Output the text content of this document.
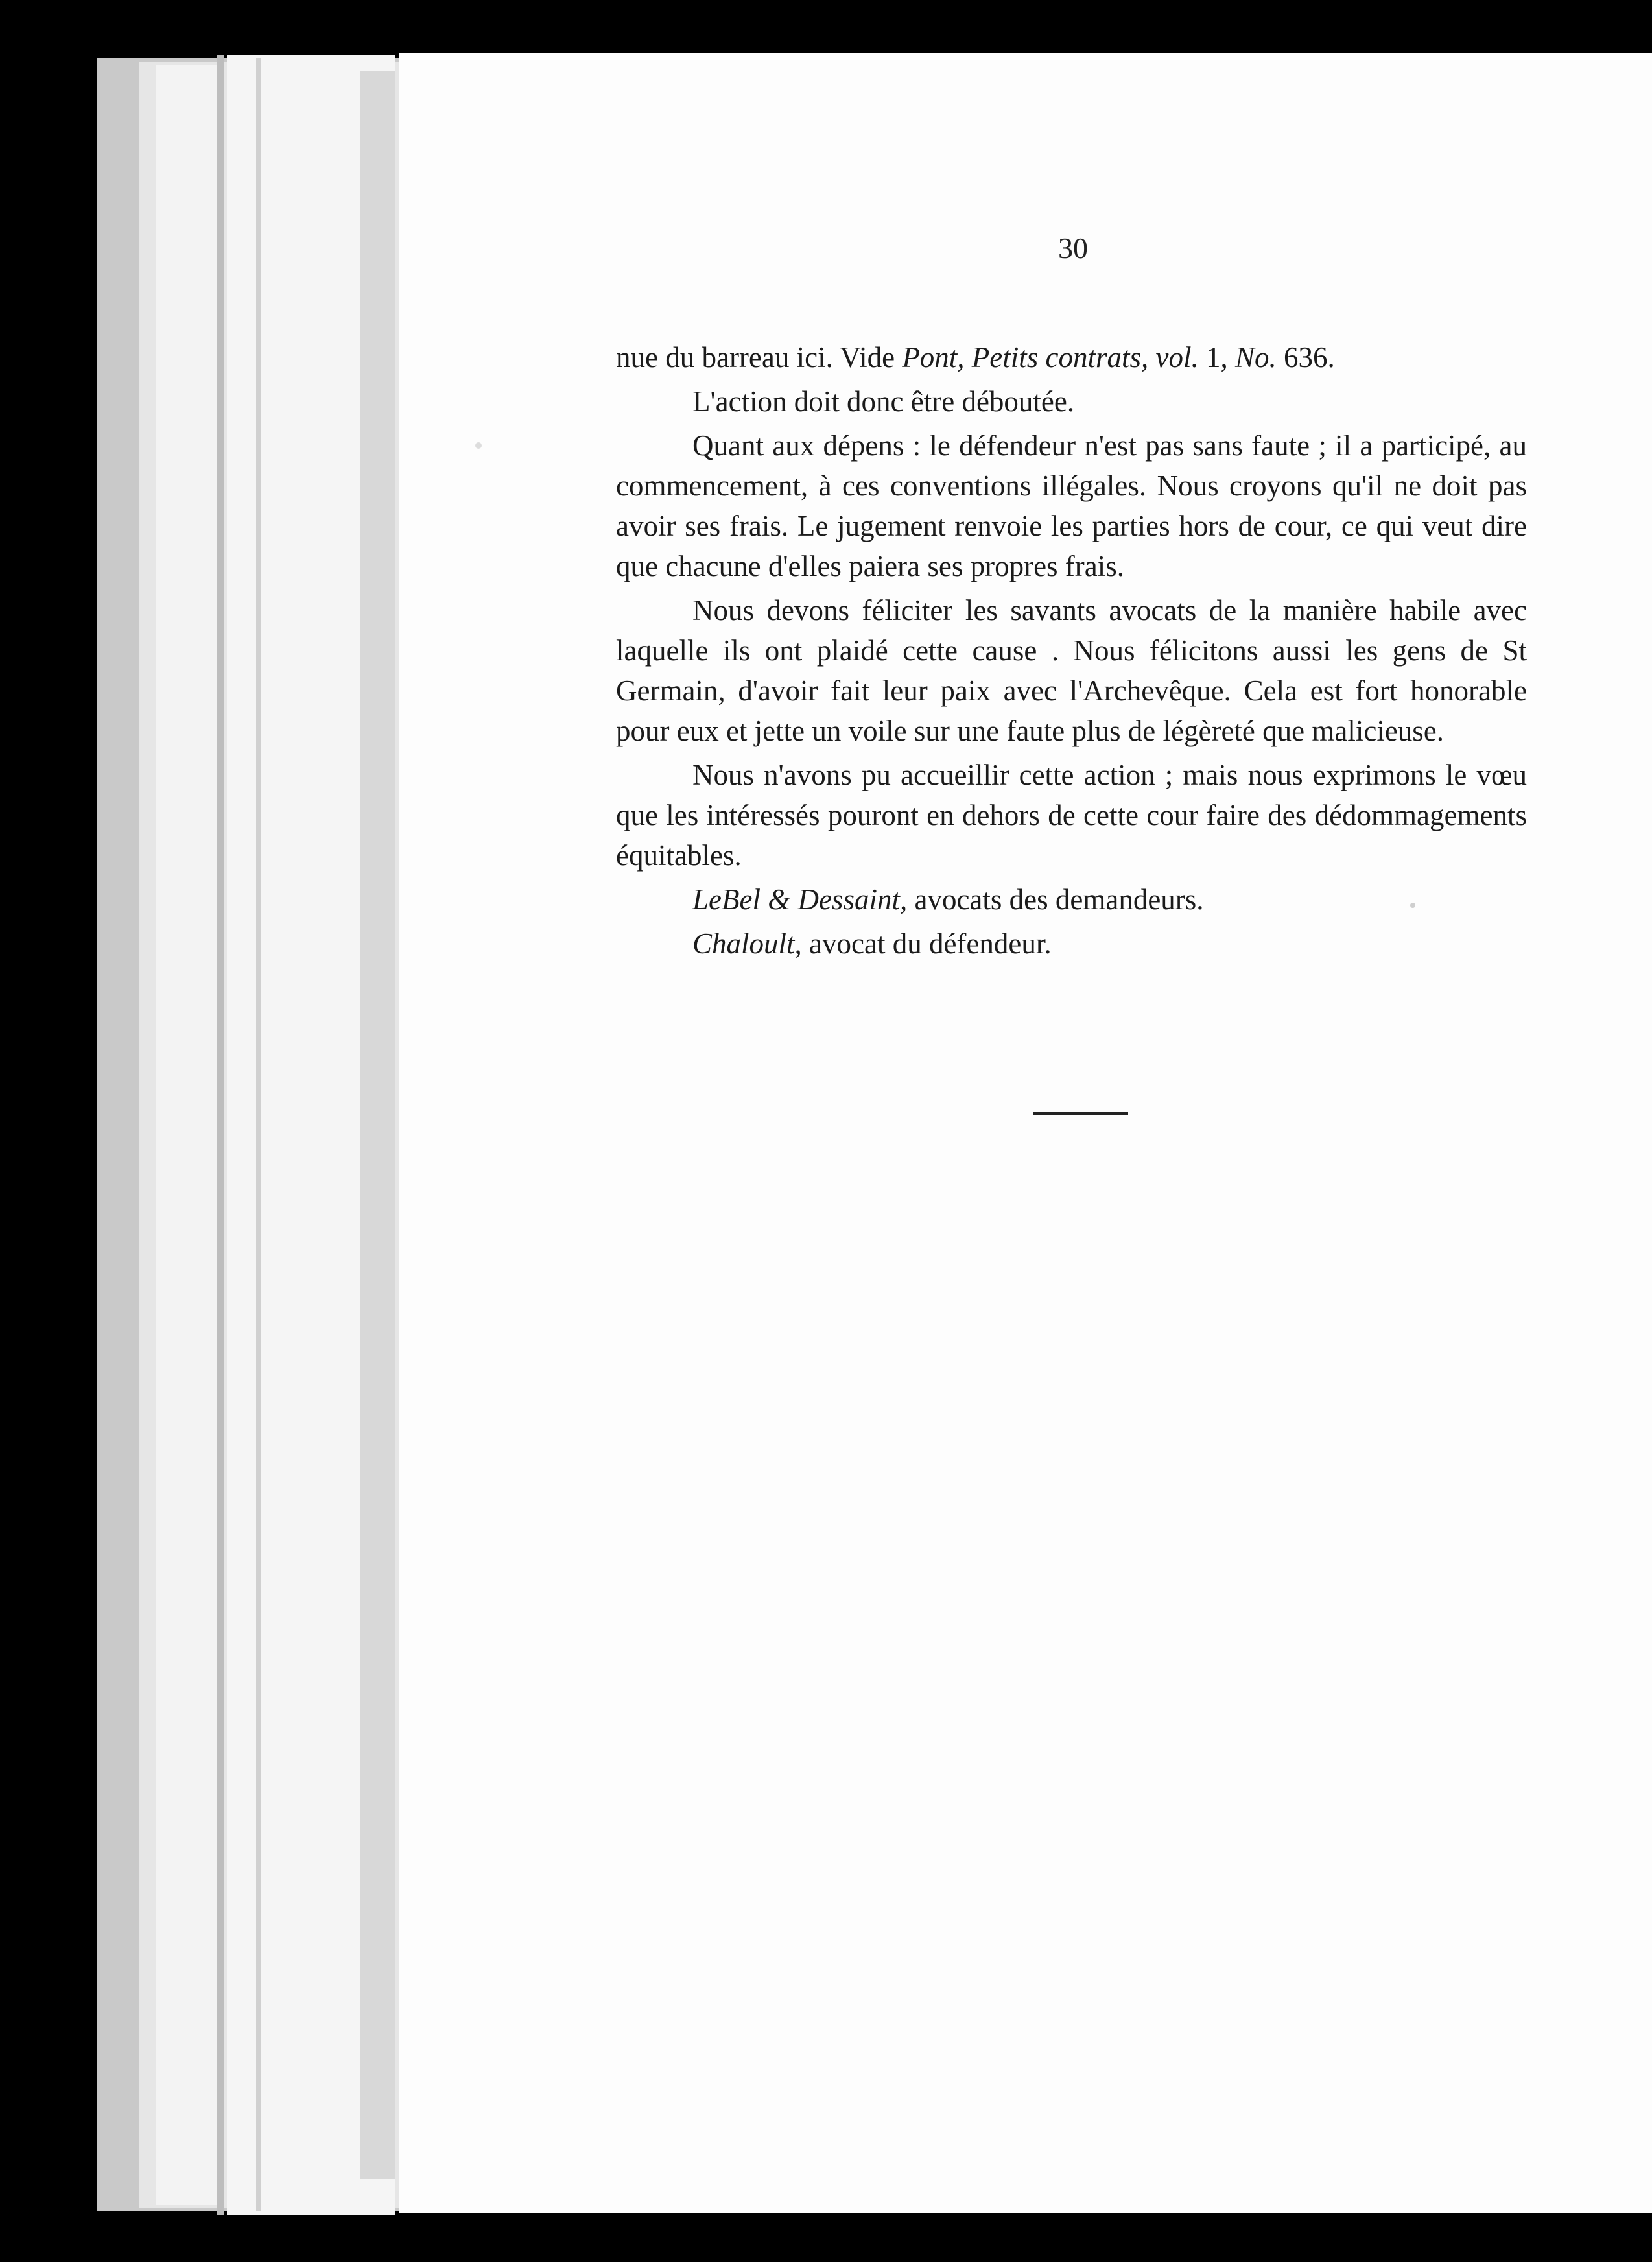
30

nue du barreau ici. Vide Pont, Petits contrats, vol. 1, No. 636.

L'action doit donc être déboutée.

Quant aux dépens : le défendeur n'est pas sans faute ; il a participé, au commencement, à ces conventions illégales. Nous croyons qu'il ne doit pas avoir ses frais. Le jugement renvoie les parties hors de cour, ce qui veut dire que chacune d'elles paiera ses propres frais.

Nous devons féliciter les savants avocats de la manière habile avec laquelle ils ont plaidé cette cause . Nous félicitons aussi les gens de St Germain, d'avoir fait leur paix avec l'Archevêque. Cela est fort honorable pour eux et jette un voile sur une faute plus de légèreté que malicieuse.

Nous n'avons pu accueillir cette action ; mais nous exprimons le vœu que les intéressés pouront en dehors de cette cour faire des dédommagements équitables.

LeBel & Dessaint, avocats des demandeurs.

Chaloult, avocat du défendeur.
